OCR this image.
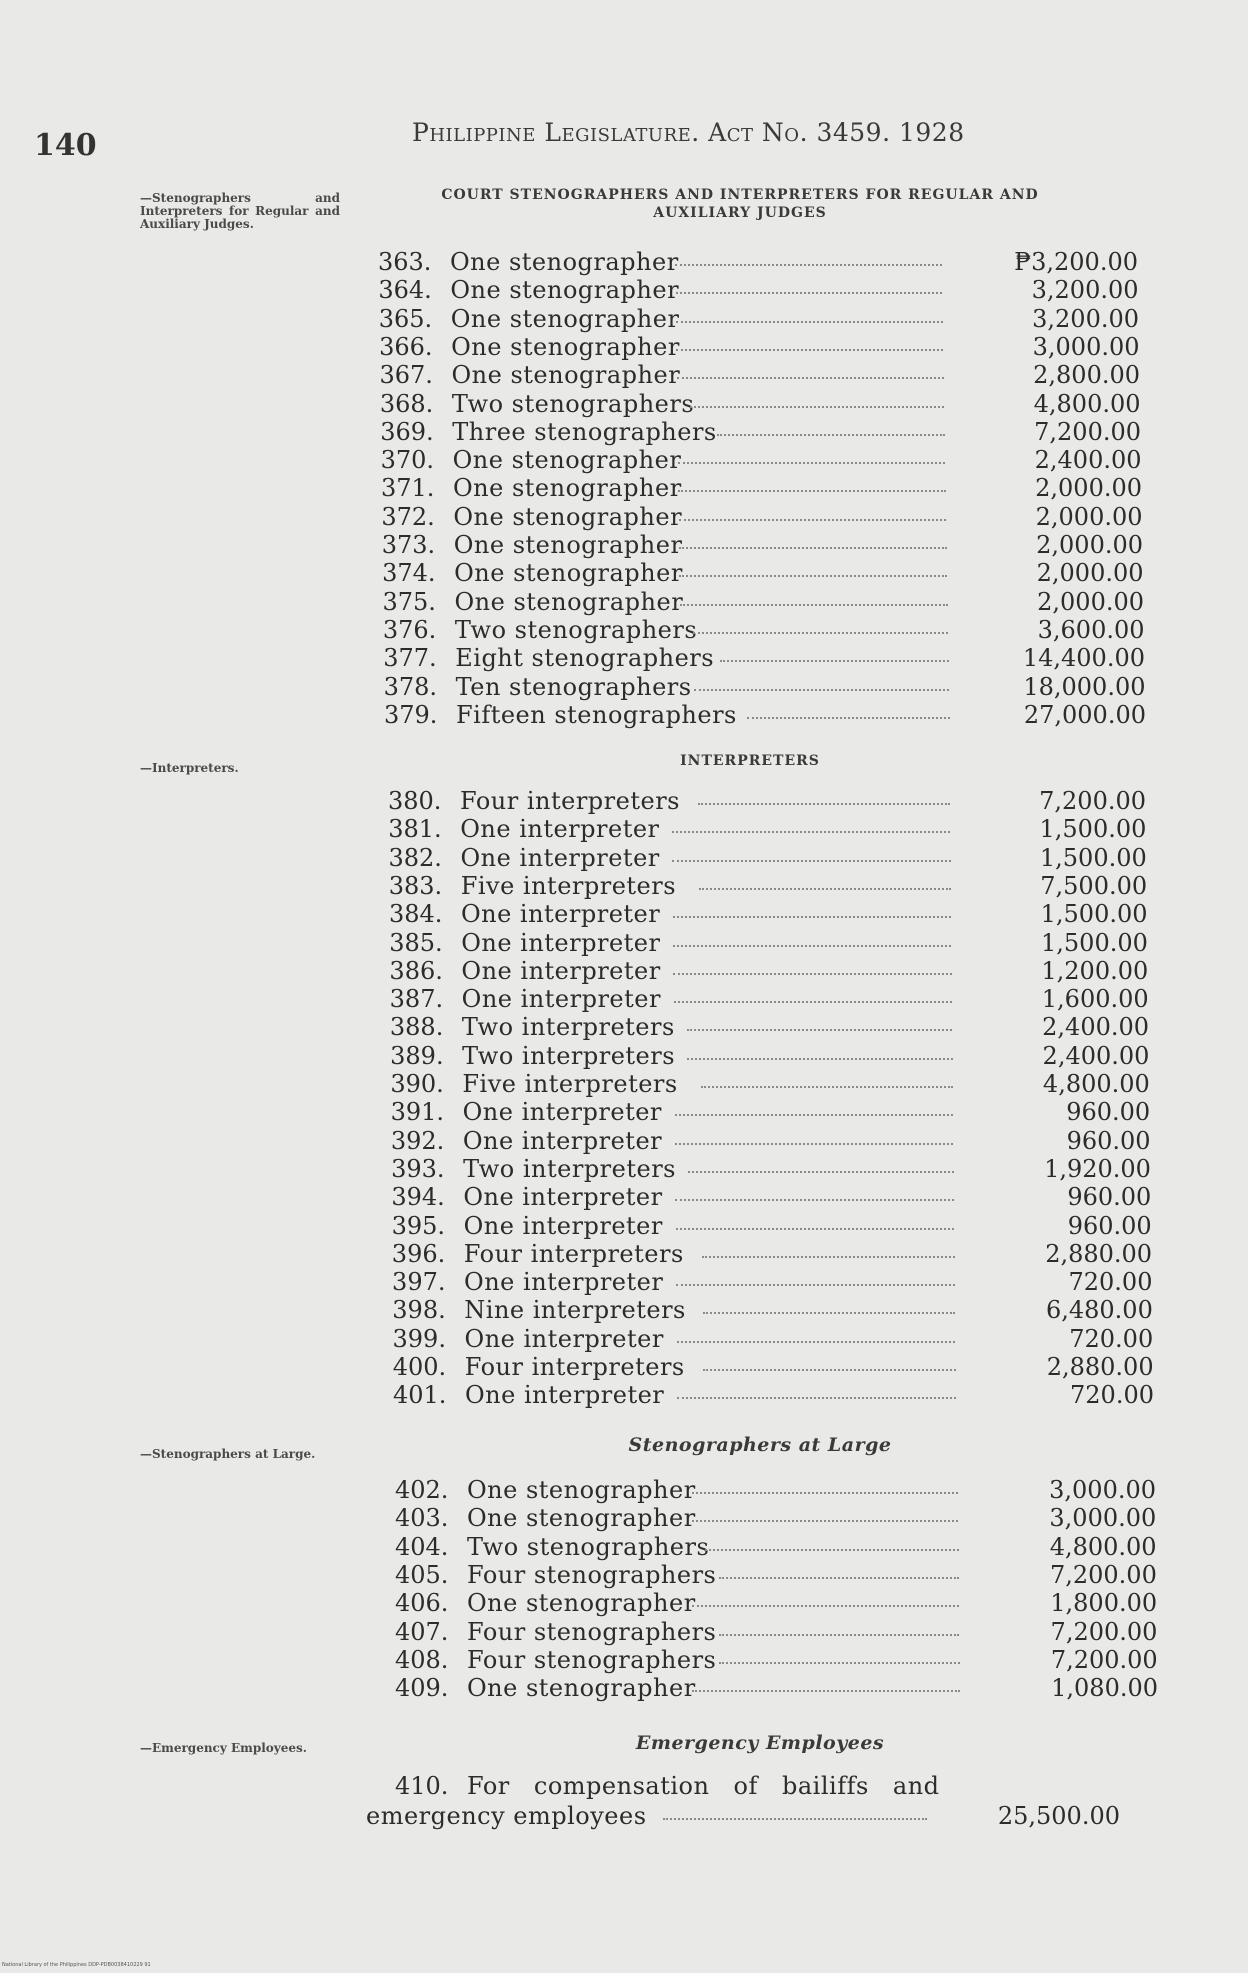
140	Philippine Legislature. Act No. 3459. 1928
—Stenographers and Interpreters for Regular and Auxiliary Judges.
—Interpreters.
—Stenographers at Large.
—Emergency Employees.
COURT STENOGRAPHERS AND INTERPRETERS FOR REGULAR AND AUXILIARY JUDGES
INTERPRETERS
Stenographers at Large
Emergency Employees
363. One stenographer	₱3,200.00
364. One stenographer	3,200.00
365. One stenographer	3,200.00
366. One stenographer	3,000.00
367. One stenographer	2,800.00
368. Two stenographers	4,800.00
369. Three stenographers	7,200.00
370. One stenographer	2,400.00
371. One stenographer	2,000.00
372. One stenographer	2,000.00
373. One stenographer	2,000.00
374. One stenographer	2,000.00
375. One stenographer	2,000.00
376. Two stenographers	3,600.00
377. Eight stenographers	14,400.00
378. Ten stenographers	18,000.00
379. Fifteen stenographers	27,000.00
380. Four interpreters	7,200.00
381. One interpreter	1,500.00
382. One interpreter	1,500.00
383. Five interpreters	7,500.00
384. One interpreter	1,500.00
385. One interpreter	1,500.00
386. One interpreter	1,200.00
387. One interpreter	1,600.00
388. Two interpreters	2,400.00
389. Two interpreters	2,400.00
390. Five interpreters	4,800.00
391. One interpreter	960.00
392. One interpreter	960.00
393. Two interpreters	1,920.00
394. One interpreter	960.00
395. One interpreter	960.00
396. Four interpreters	2,880.00
397. One interpreter	720.00
398. Nine interpreters	6,480.00
399. One interpreter	720.00
400. Four interpreters	2,880.00
401. One interpreter	720.00
402. One stenographer	3,000.00
403. One stenographer	3,000.00
404. Two stenographers	4,800.00
405. Four stenographers	7,200.00
406. One stenographer	1,800.00
407. Four stenographers	7,200.00
408. Four stenographers	7,200.00
409. One stenographer	1,080.00
410. For compensation of bailiffs and
emergency employees	25,500.00
National Library of the Philippines DDP-PDB0038410229 91
